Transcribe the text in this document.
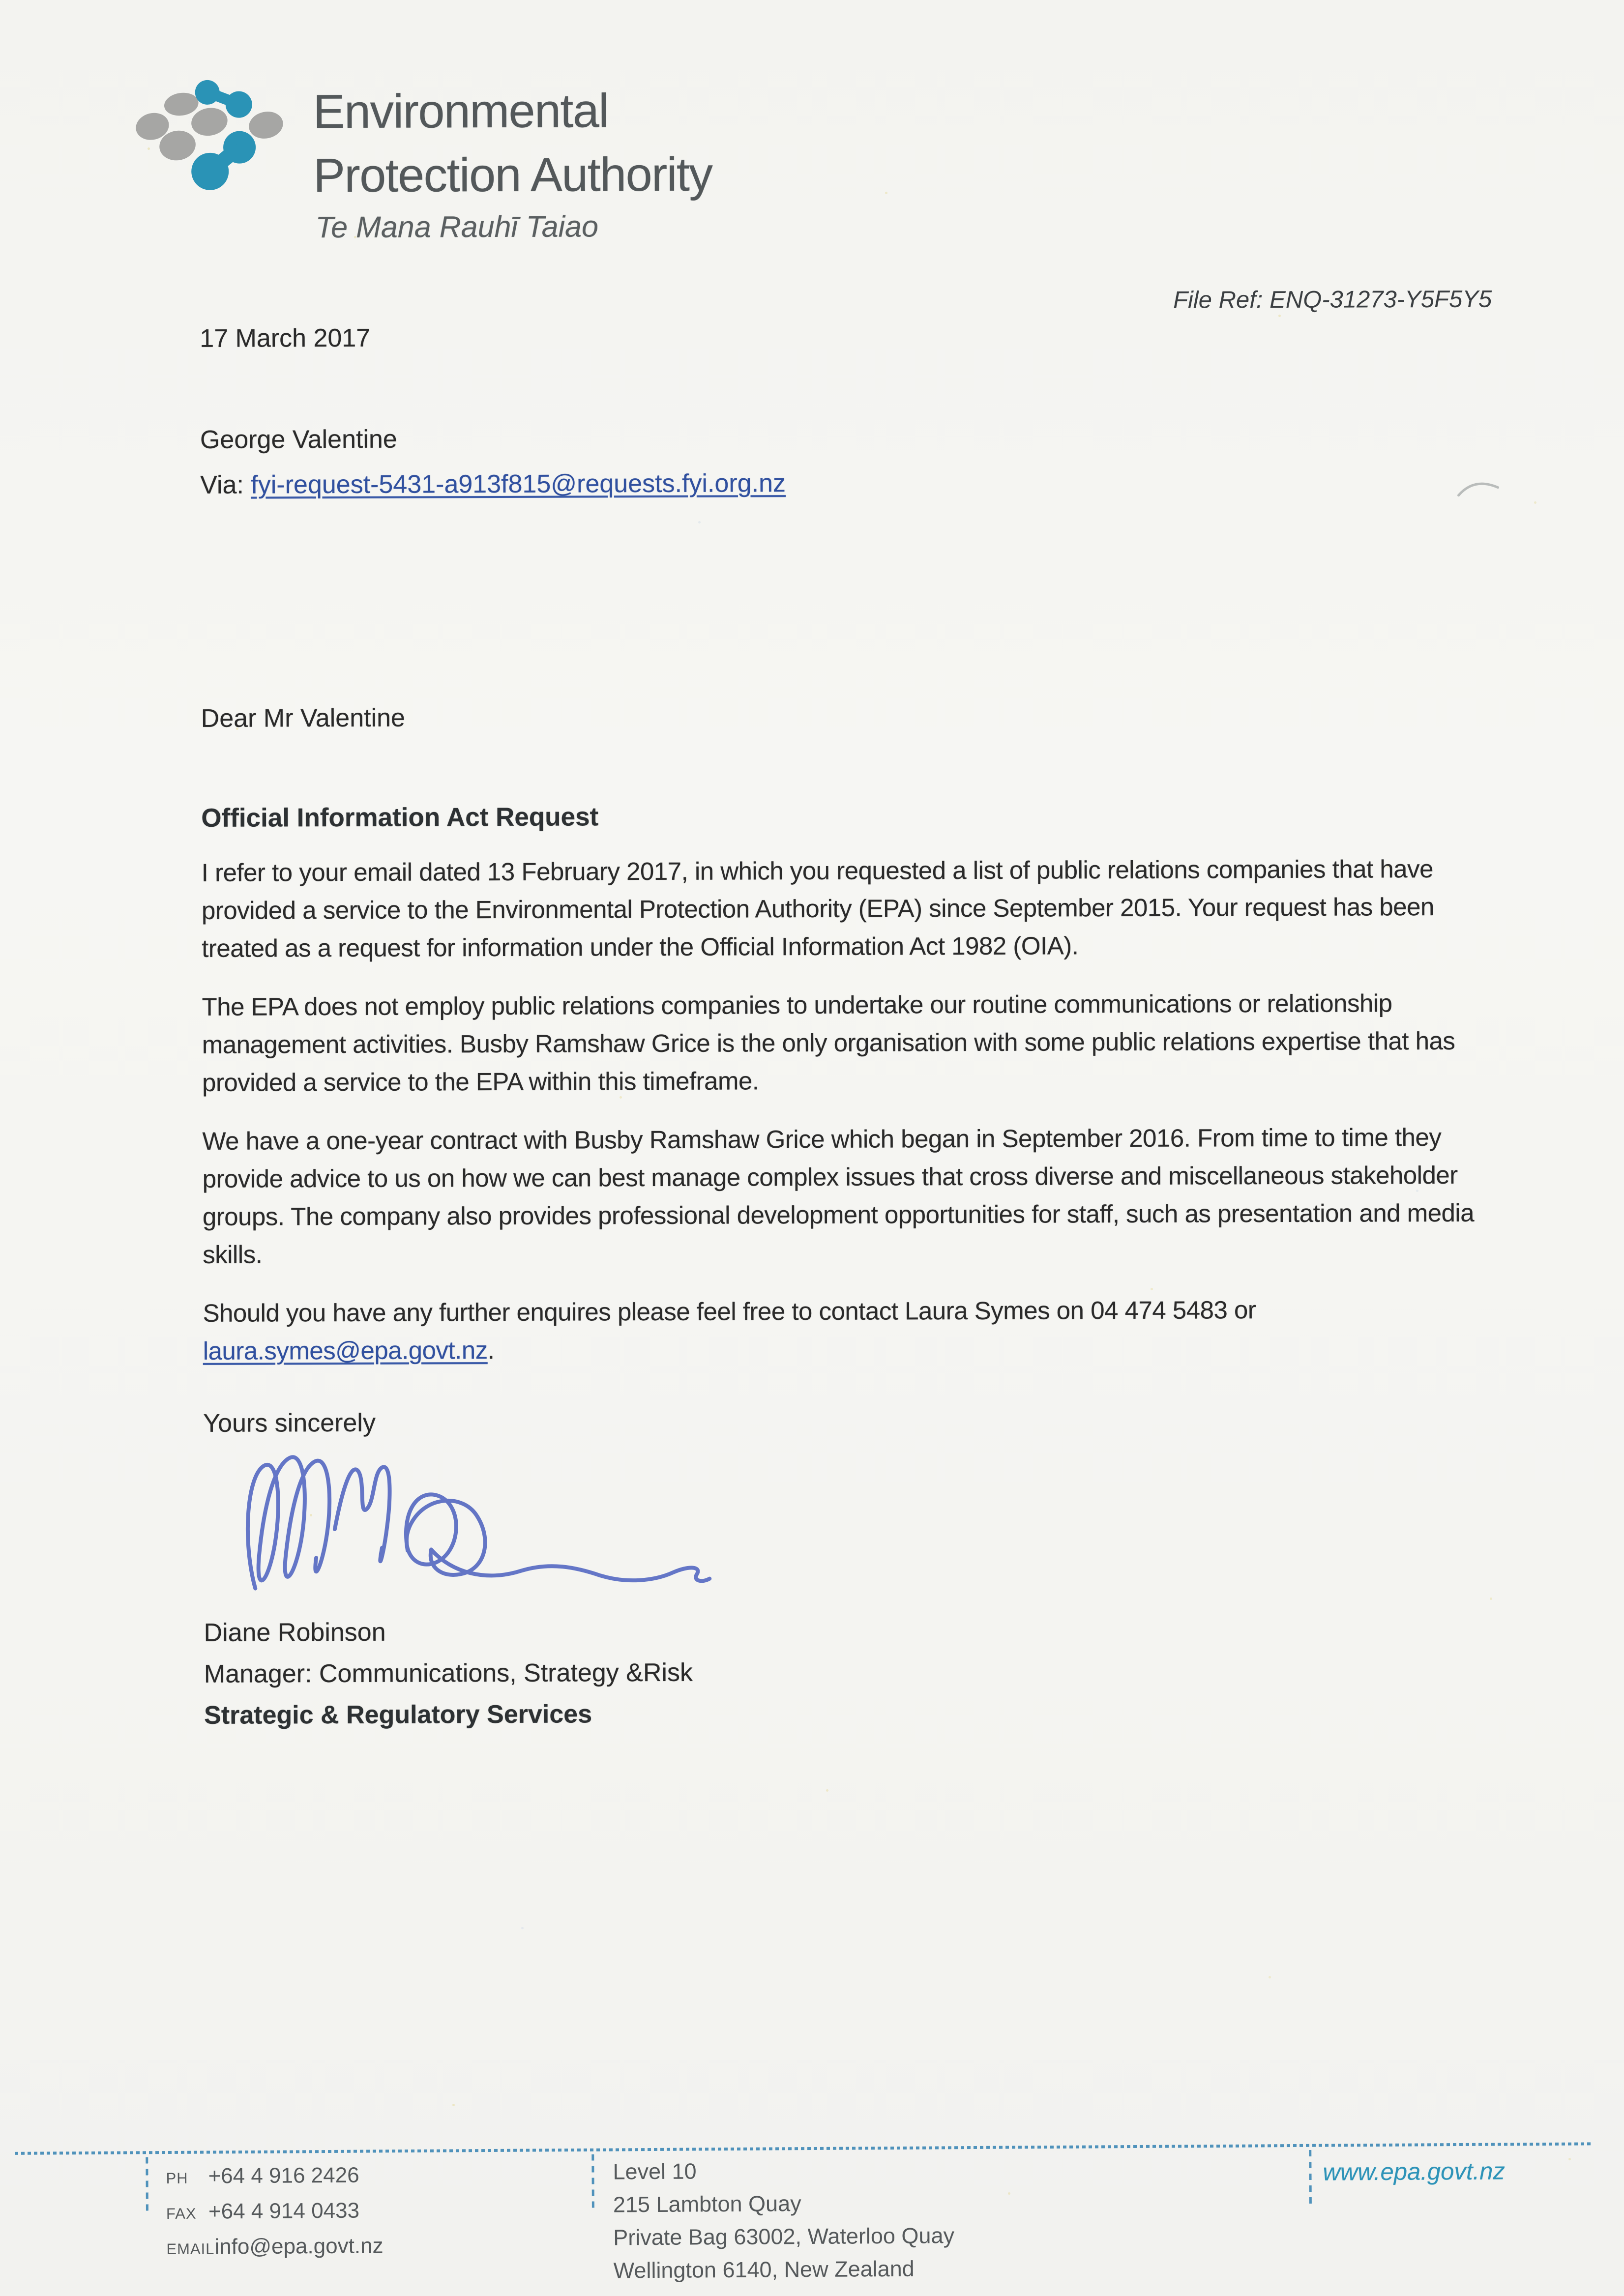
Environmental
Protection Authority
Te Mana Rauhī Taiao
File Ref: ENQ-31273-Y5F5Y5
17 March 2017
George Valentine
Via: fyi-request-5431-a913f815@requests.fyi.org.nz
Dear Mr Valentine
Official Information Act Request

I refer to your email dated 13 February 2017, in which you requested a list of public relations companies that have provided a service to the Environmental Protection Authority (EPA) since September 2015. Your request has been treated as a request for information under the Official Information Act 1982 (OIA).

The EPA does not employ public relations companies to undertake our routine communications or relationship management activities. Busby Ramshaw Grice is the only organisation with some public relations expertise that has provided a service to the EPA within this timeframe.

We have a one-year contract with Busby Ramshaw Grice which began in September 2016. From time to time they provide advice to us on how we can best manage complex issues that cross diverse and miscellaneous stakeholder groups. The company also provides professional development opportunities for staff, such as presentation and media skills.

Should you have any further enquires please feel free to contact Laura Symes on 04 474 5483 or laura.symes@epa.govt.nz.

Yours sincerely
Diane Robinson
Manager: Communications, Strategy &Risk
Strategic & Regulatory Services
PH +64 4 916 2426
FAX +64 4 914 0433
EMAILinfo@epa.govt.nz
Level 10
215 Lambton Quay
Private Bag 63002, Waterloo Quay
Wellington 6140, New Zealand
www.epa.govt.nz
